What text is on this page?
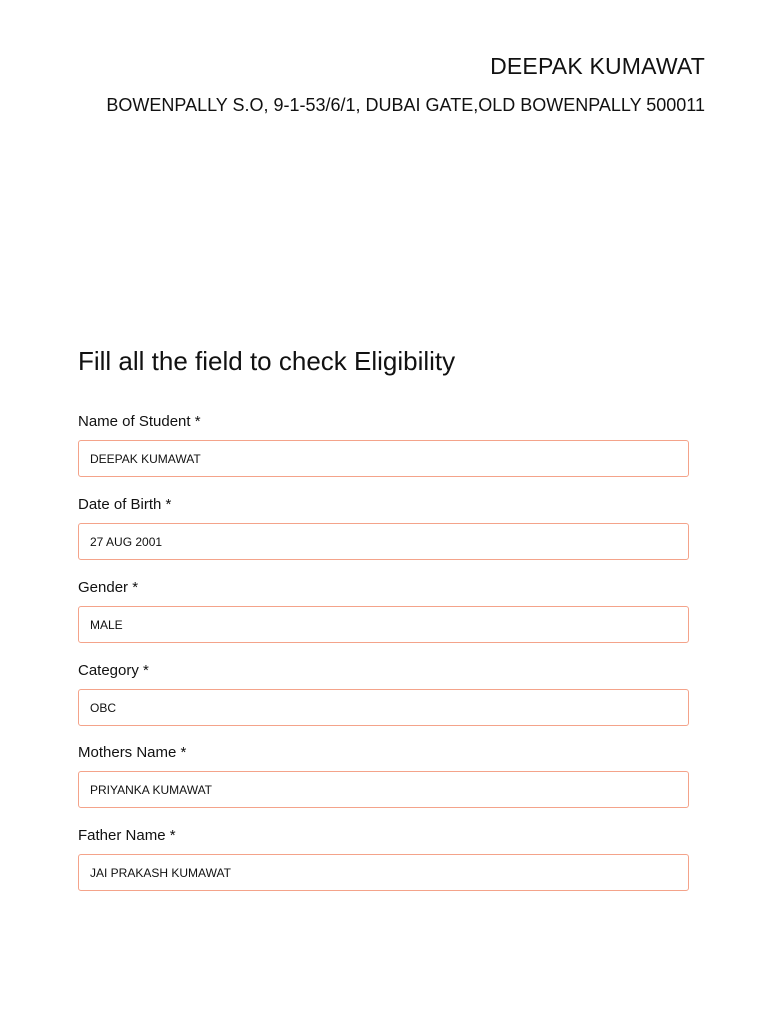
DEEPAK KUMAWAT
BOWENPALLY S.O, 9-1-53/6/1, DUBAI GATE,OLD BOWENPALLY 500011
Fill all the field to check Eligibility
Name of Student *
DEEPAK KUMAWAT
Date of Birth *
27 AUG 2001
Gender *
MALE
Category *
OBC
Mothers Name *
PRIYANKA KUMAWAT
Father Name *
JAI PRAKASH KUMAWAT
